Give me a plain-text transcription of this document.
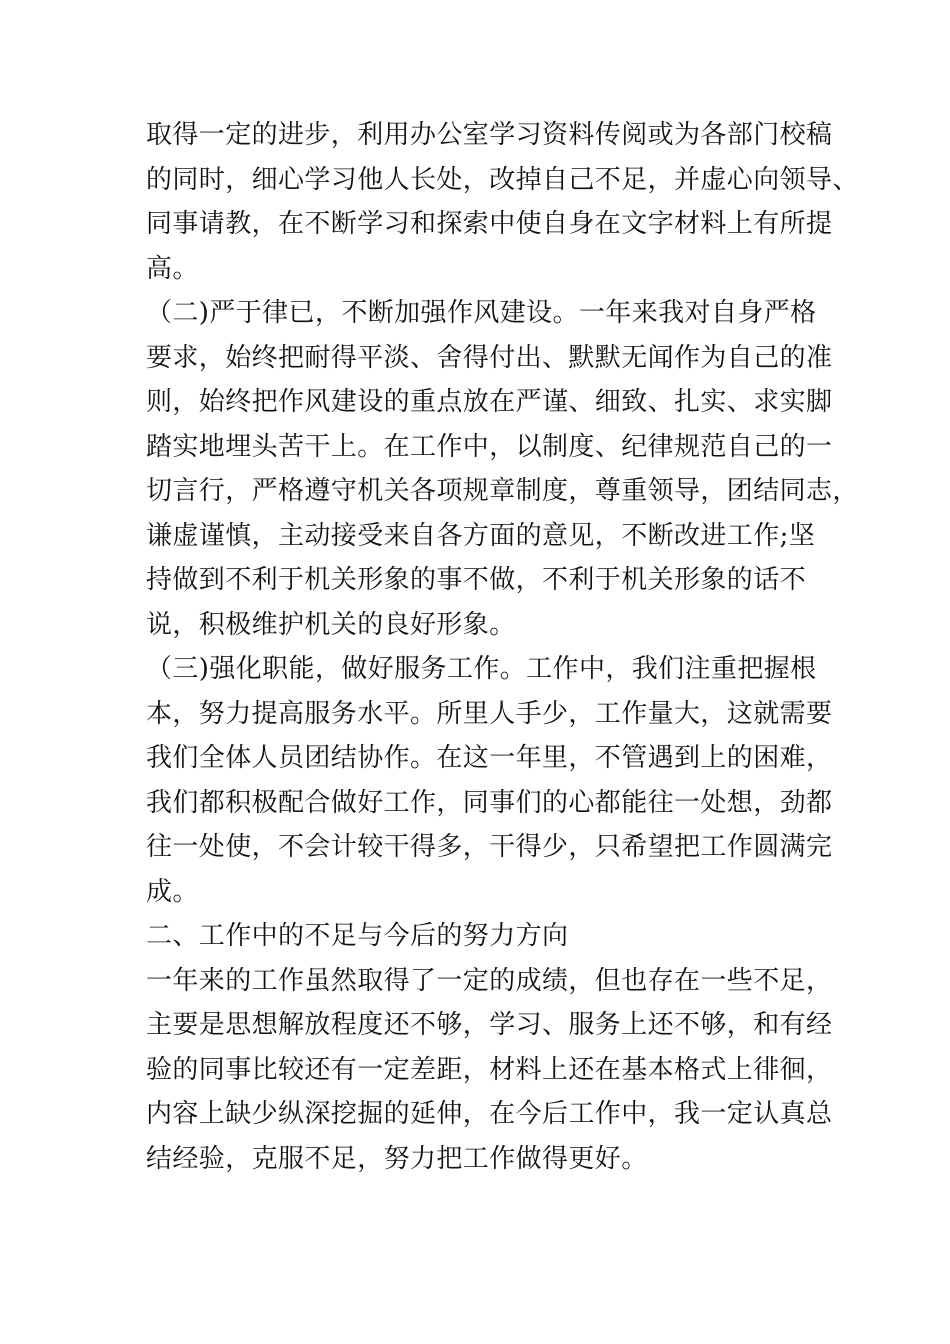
取得一定的进步，利用办公室学习资料传阅或为各部门校稿
的同时，细心学习他人长处，改掉自己不足，并虚心向领导、
同事请教，在不断学习和探索中使自身在文字材料上有所提
高。
（二)严于律已，不断加强作风建设。一年来我对自身严格
要求，始终把耐得平淡、舍得付出、默默无闻作为自己的准
则，始终把作风建设的重点放在严谨、细致、扎实、求实脚
踏实地埋头苦干上。在工作中，以制度、纪律规范自己的一
切言行，严格遵守机关各项规章制度，尊重领导，团结同志，
谦虚谨慎，主动接受来自各方面的意见，不断改进工作;坚
持做到不利于机关形象的事不做，不利于机关形象的话不
说，积极维护机关的良好形象。
（三)强化职能，做好服务工作。工作中，我们注重把握根
本，努力提高服务水平。所里人手少，工作量大，这就需要
我们全体人员团结协作。在这一年里，不管遇到上的困难，
我们都积极配合做好工作，同事们的心都能往一处想，劲都
往一处使，不会计较干得多，干得少，只希望把工作圆满完
成。
二、工作中的不足与今后的努力方向
一年来的工作虽然取得了一定的成绩，但也存在一些不足，
主要是思想解放程度还不够，学习、服务上还不够，和有经
验的同事比较还有一定差距，材料上还在基本格式上徘徊，
内容上缺少纵深挖掘的延伸，在今后工作中，我一定认真总
结经验，克服不足，努力把工作做得更好。
